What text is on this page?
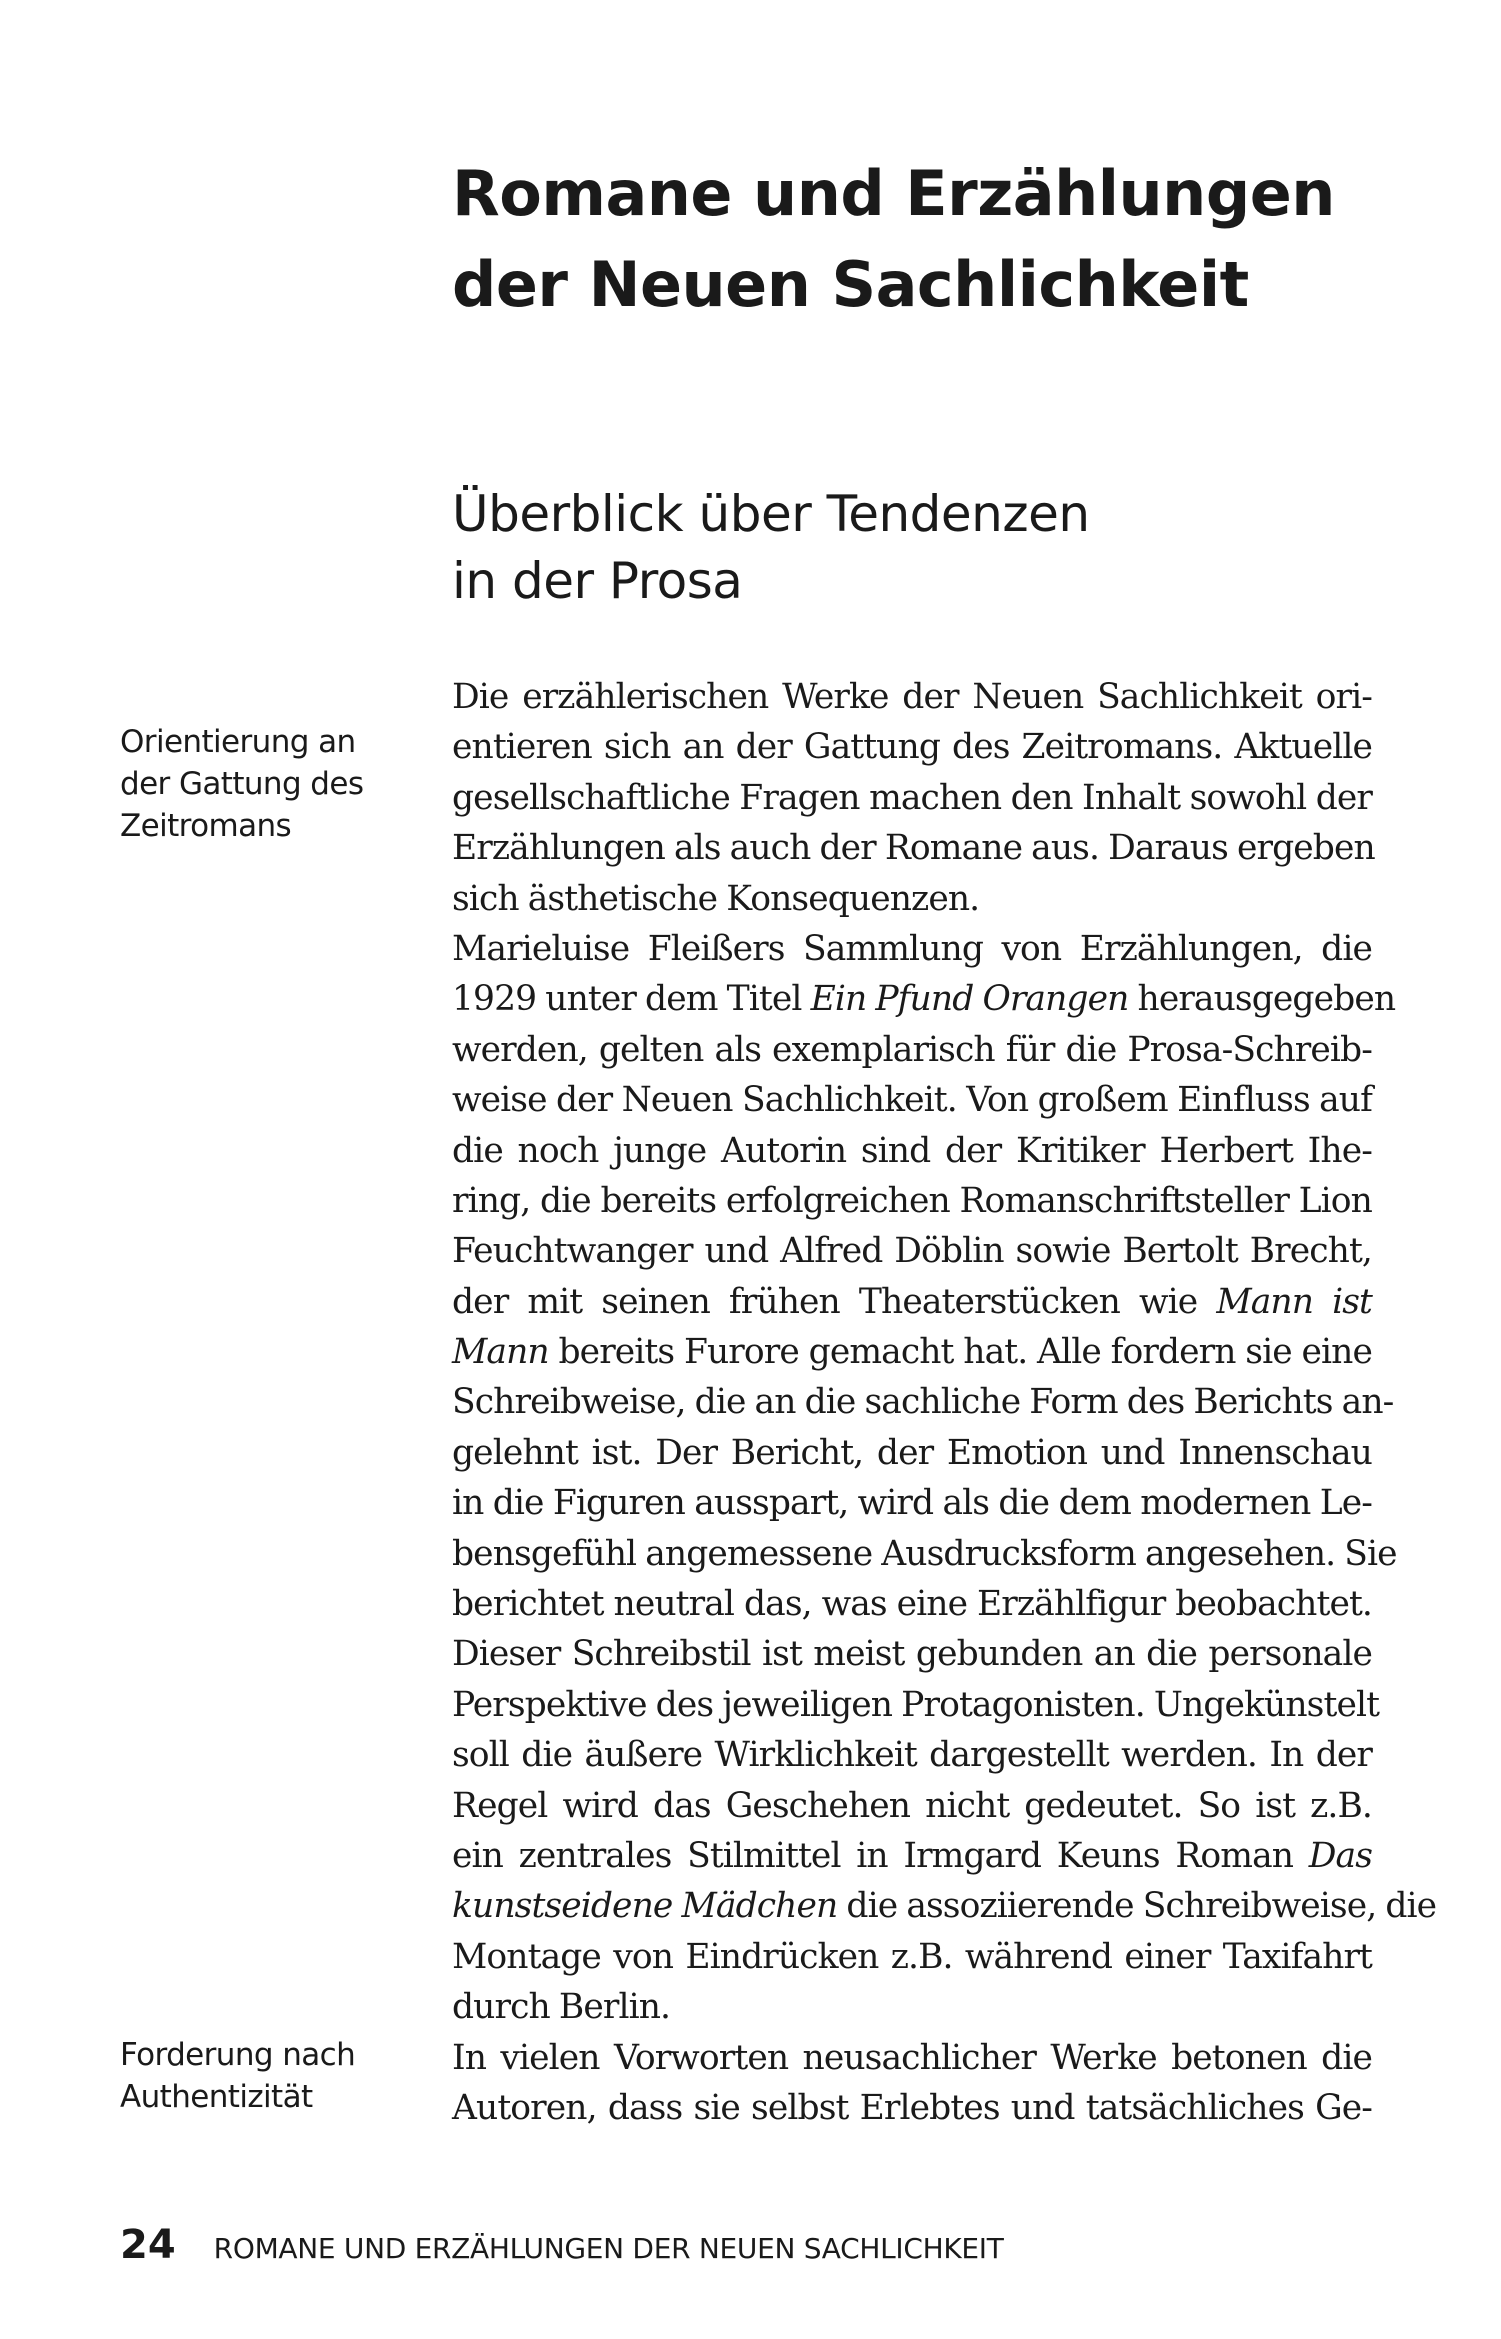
Romane und Erzählungen
der Neuen Sachlichkeit
Überblick über Tendenzen
in der Prosa
Orientierung an
der Gattung des
Zeitromans
Forderung nach
Authentizität
Die erzählerischen Werke der Neuen Sachlichkeit ori-
entieren sich an der Gattung des Zeitromans. Aktuelle
gesellschaftliche Fragen machen den Inhalt sowohl der
Erzählungen als auch der Romane aus. Daraus ergeben
sich ästhetische Konsequenzen.
Marieluise Fleißers Sammlung von Erzählungen, die
1929 unter dem Titel Ein Pfund Orangen herausgegeben
werden, gelten als exemplarisch für die Prosa-Schreib-
weise der Neuen Sachlichkeit. Von großem Einfluss auf
die noch junge Autorin sind der Kritiker Herbert Ihe-
ring, die bereits erfolgreichen Romanschriftsteller Lion
Feuchtwanger und Alfred Döblin sowie Bertolt Brecht,
der mit seinen frühen Theaterstücken wie Mann ist
Mann bereits Furore gemacht hat. Alle fordern sie eine
Schreibweise, die an die sachliche Form des Berichts an-
gelehnt ist. Der Bericht, der Emotion und Innenschau
in die Figuren ausspart, wird als die dem modernen Le-
bensgefühl angemessene Ausdrucksform angesehen. Sie
berichtet neutral das, was eine Erzählfigur beobachtet.
Dieser Schreibstil ist meist gebunden an die personale
Perspektive des jeweiligen Protagonisten. Ungekünstelt
soll die äußere Wirklichkeit dargestellt werden. In der
Regel wird das Geschehen nicht gedeutet. So ist z.B.
ein zentrales Stilmittel in Irmgard Keuns Roman Das
kunstseidene Mädchen die assoziierende Schreibweise, die
Montage von Eindrücken z.B. während einer Taxifahrt
durch Berlin.
In vielen Vorworten neusachlicher Werke betonen die
Autoren, dass sie selbst Erlebtes und tatsächliches Ge-
24 ROMANE UND ERZÄHLUNGEN DER NEUEN SACHLICHKEIT
